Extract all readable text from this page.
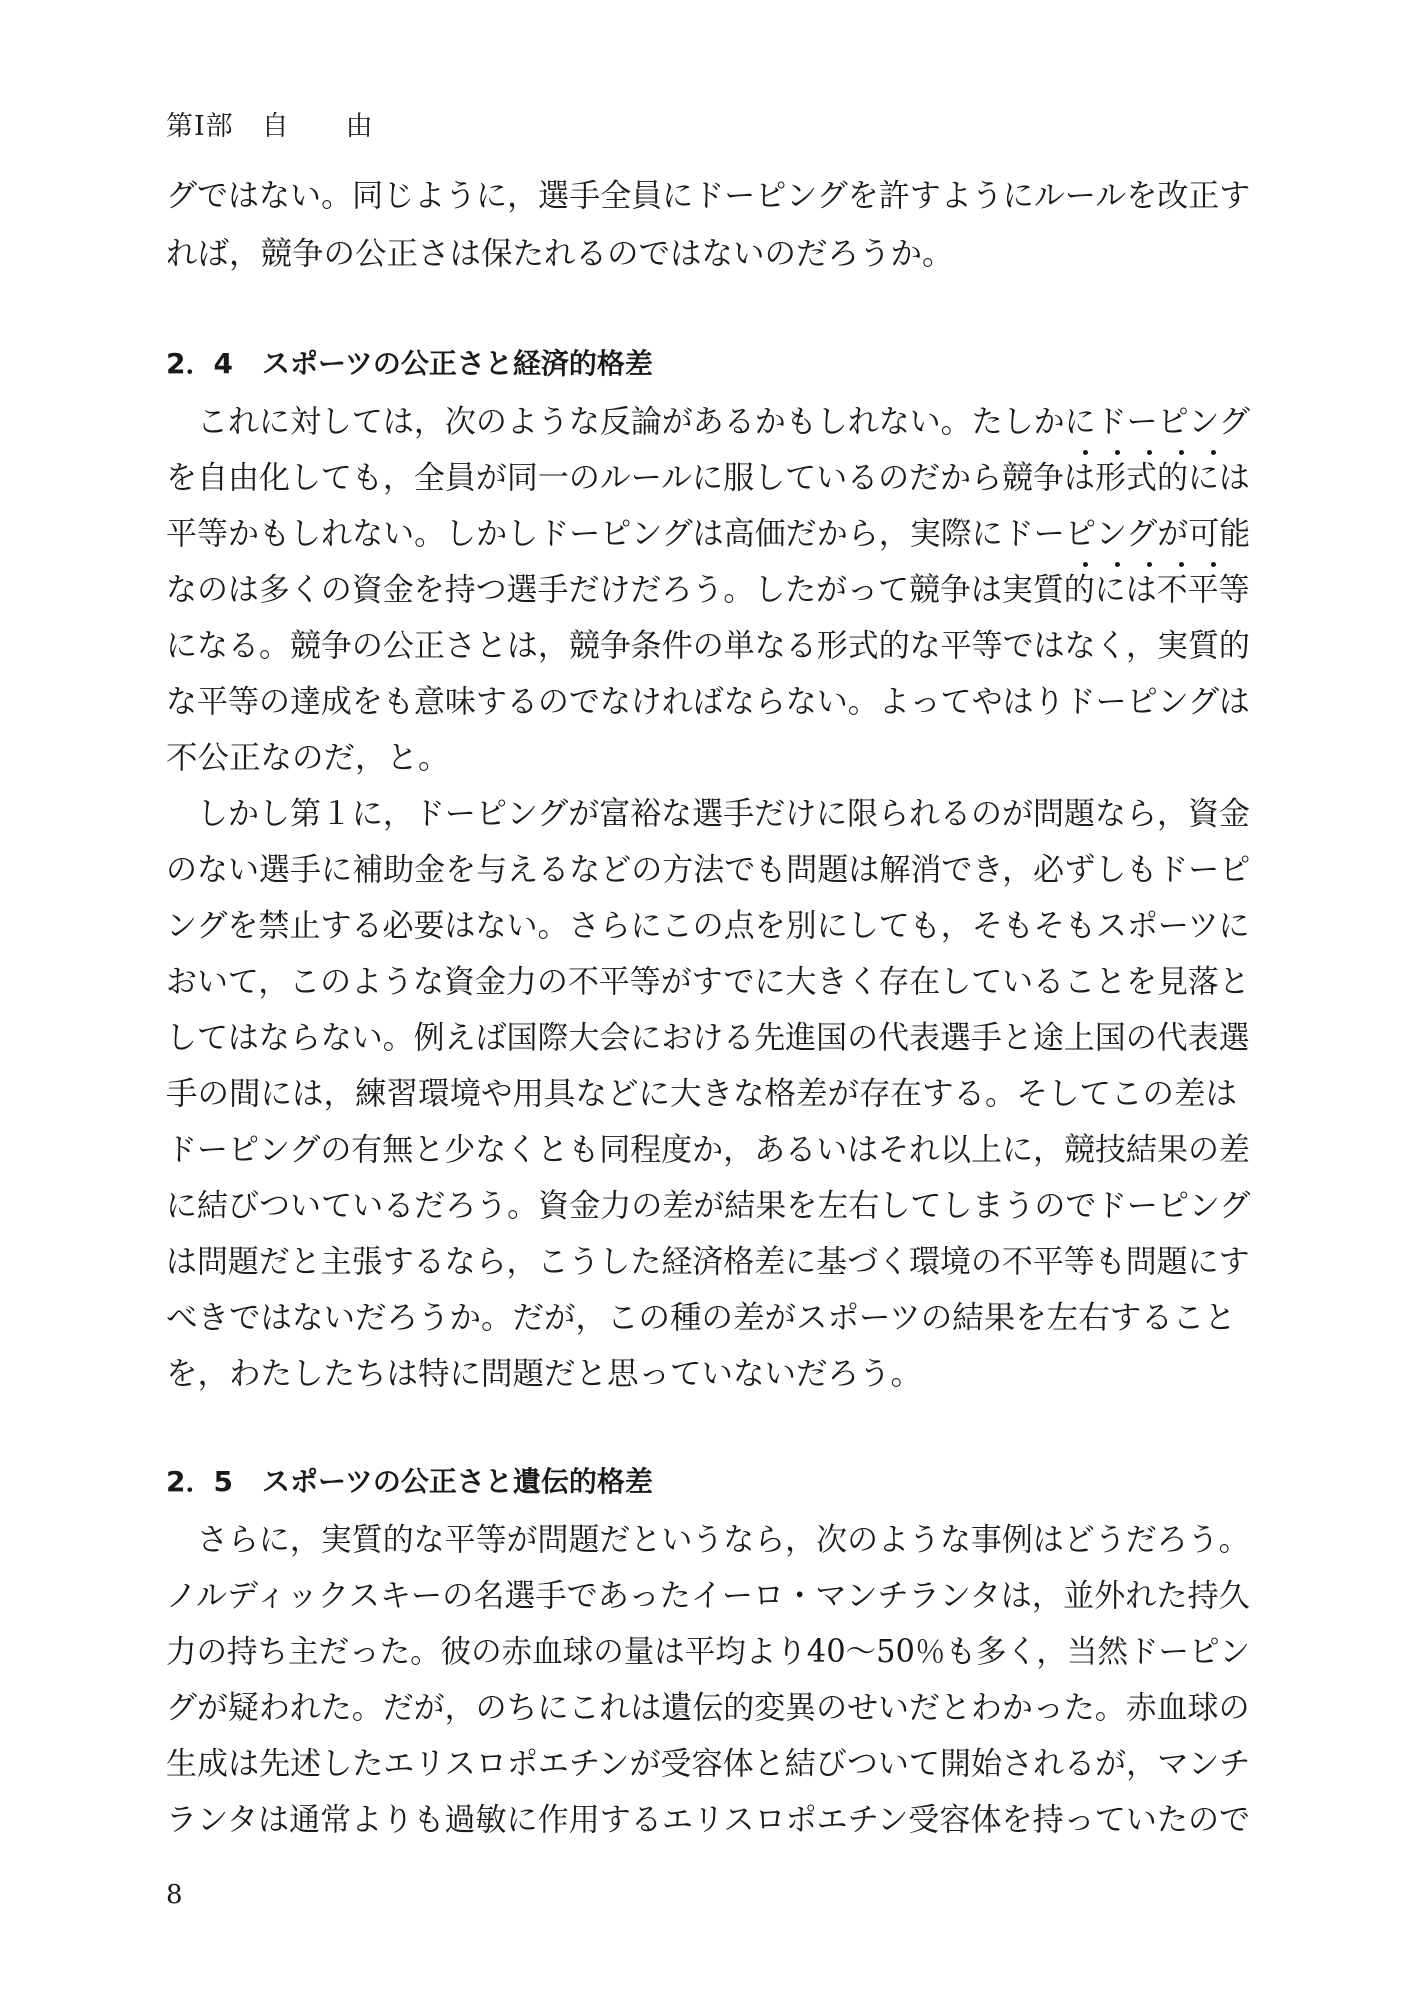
第Ⅰ部　自　　由
グではない。同じように，選手全員にドーピングを許すようにルールを改正す
れば，競争の公正さは保たれるのではないのだろうか。
2．4 スポーツの公正さと経済的格差
　これに対しては，次のような反論があるかもしれない。たしかにドーピング
を自由化しても，全員が同一のルールに服しているのだから競争は形式的には
平等かもしれない。しかしドーピングは高価だから，実際にドーピングが可能
なのは多くの資金を持つ選手だけだろう。したがって競争は実質的には不平等
になる。競争の公正さとは，競争条件の単なる形式的な平等ではなく，実質的
な平等の達成をも意味するのでなければならない。よってやはりドーピングは
不公正なのだ，と。
　しかし第１に，ドーピングが富裕な選手だけに限られるのが問題なら，資金
のない選手に補助金を与えるなどの方法でも問題は解消でき，必ずしもドーピ
ングを禁止する必要はない。さらにこの点を別にしても，そもそもスポーツに
おいて，このような資金力の不平等がすでに大きく存在していることを見落と
してはならない。例えば国際大会における先進国の代表選手と途上国の代表選
手の間には，練習環境や用具などに大きな格差が存在する。そしてこの差は
ドーピングの有無と少なくとも同程度か，あるいはそれ以上に，競技結果の差
に結びついているだろう。資金力の差が結果を左右してしまうのでドーピング
は問題だと主張するなら，こうした経済格差に基づく環境の不平等も問題にす
べきではないだろうか。だが，この種の差がスポーツの結果を左右すること
を，わたしたちは特に問題だと思っていないだろう。
2．5 スポーツの公正さと遺伝的格差
　さらに，実質的な平等が問題だというなら，次のような事例はどうだろう。
ノルディックスキーの名選手であったイーロ・マンチランタは，並外れた持久
力の持ち主だった。彼の赤血球の量は平均より40～50％も多く，当然ドーピン
グが疑われた。だが，のちにこれは遺伝的変異のせいだとわかった。赤血球の
生成は先述したエリスロポエチンが受容体と結びついて開始されるが，マンチ
ランタは通常よりも過敏に作用するエリスロポエチン受容体を持っていたので
8
